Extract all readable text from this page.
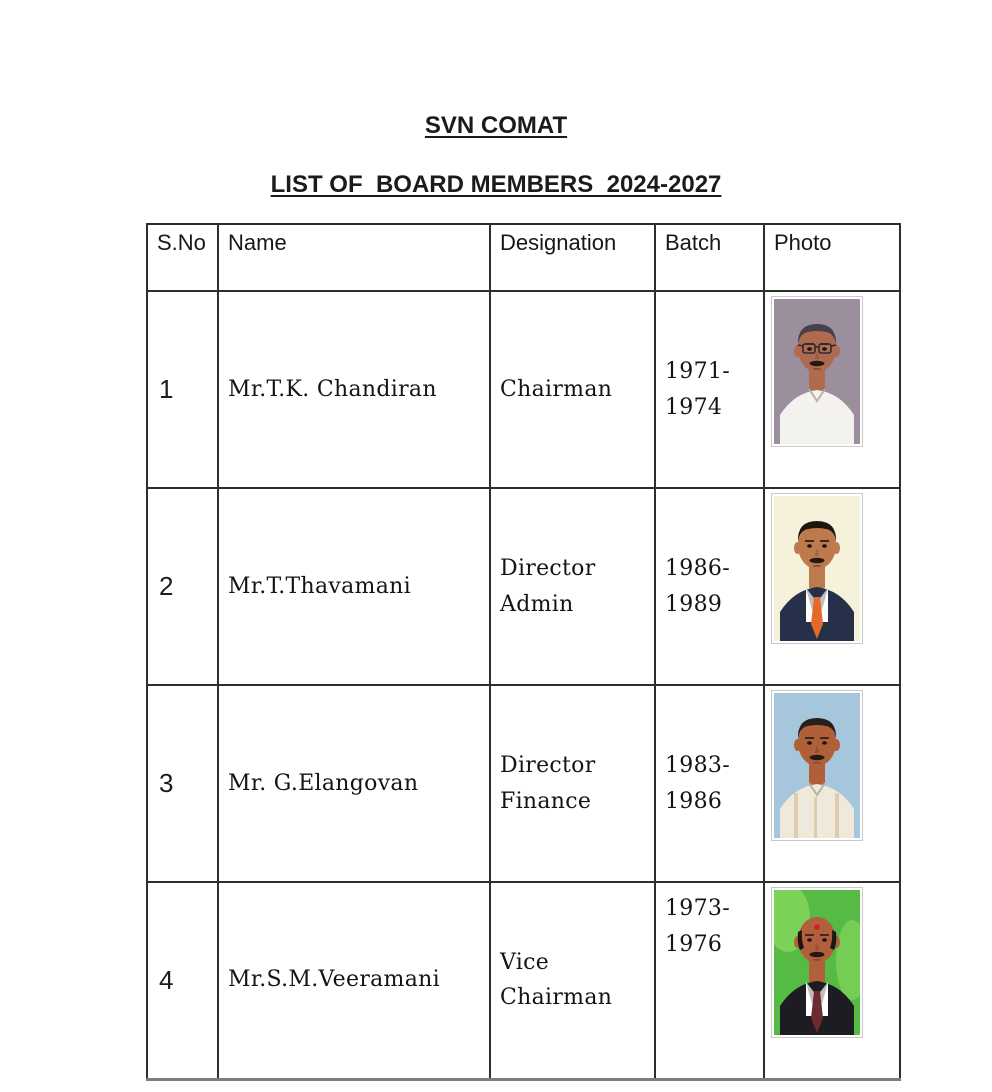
SVN COMAT
LIST OF  BOARD MEMBERS  2024-2027
S.No	Name	Designation	Batch	Photo
1	Mr.T.K. Chandiran	Chairman	1971-1974	
2	Mr.T.Thavamani	Director Admin	1986-1989	
3	Mr. G.Elangovan	Director Finance	1983-1986	
4	Mr.S.M.Veeramani	Vice Chairman	1973-1976	
